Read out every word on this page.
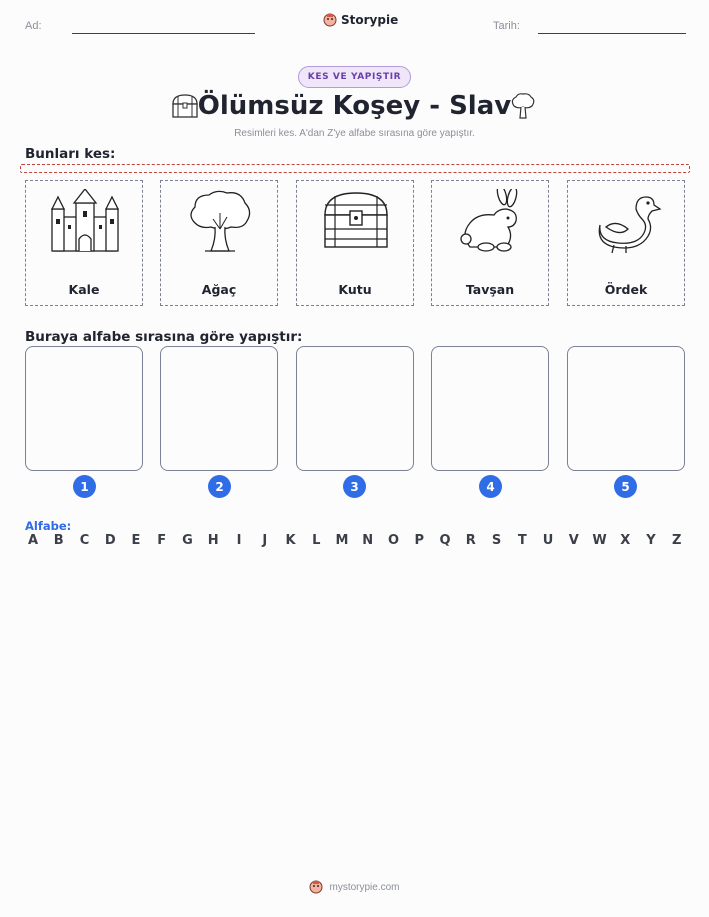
Ad:	Storypie	Tarih:
KES VE YAPIŞTIR
Ölümsüz Koşey - Slav
Resimleri kes. A'dan Z'ye alfabe sırasına göre yapıştır.
Bunları kes:
Kale	Ağaç	Kutu	Tavşan	Ördek
Buraya alfabe sırasına göre yapıştır:
1	2	3	4	5
Alfabe:
A B C D E F G H	I	J	K L M N O P Q R S T U V W X Y Z
mystorypie.com
